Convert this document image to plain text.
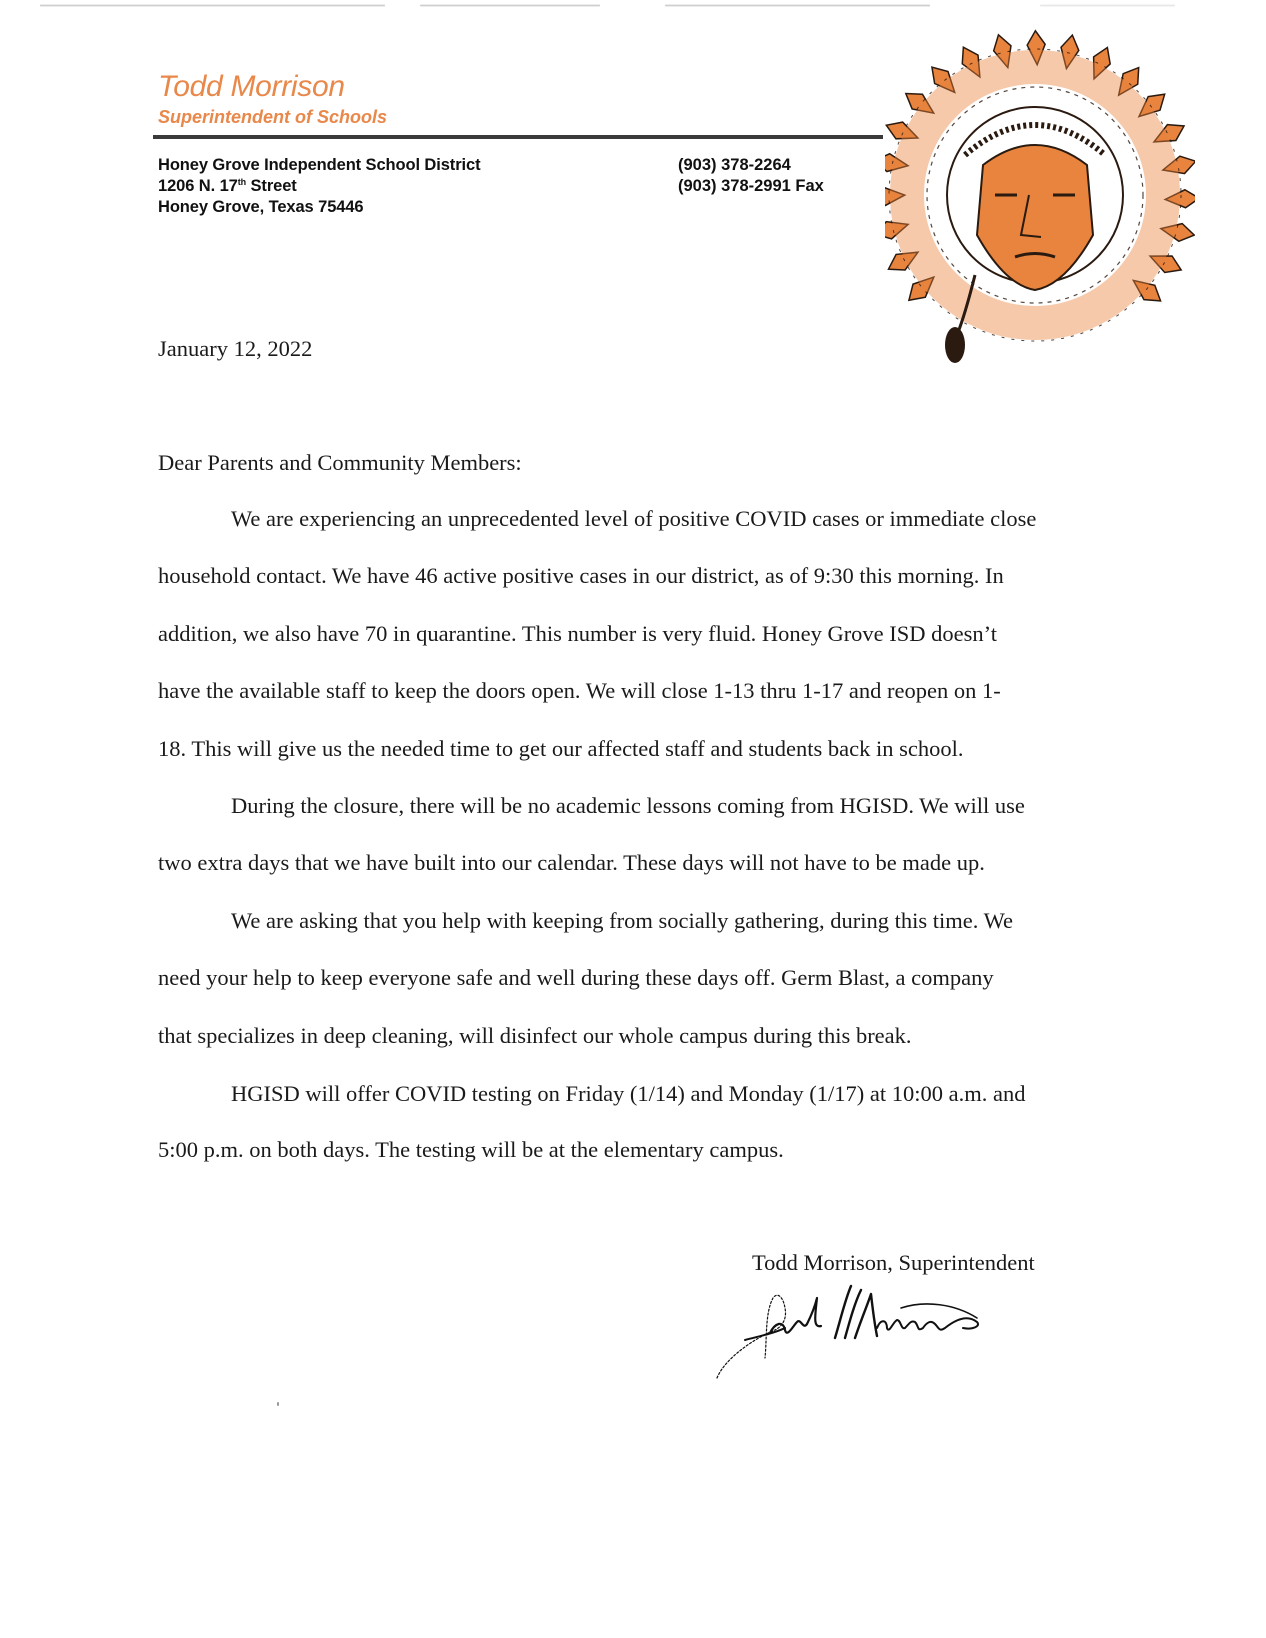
Todd Morrison
Superintendent of Schools
Honey Grove Independent School District
1206 N. 17th Street
Honey Grove, Texas 75446
(903) 378-2264
(903) 378-2991 Fax
January 12, 2022
Dear Parents and Community Members:
We are experiencing an unprecedented level of positive COVID cases or immediate close
household contact. We have 46 active positive cases in our district, as of 9:30 this morning. In
addition, we also have 70 in quarantine. This number is very fluid. Honey Grove ISD doesn’t
have the available staff to keep the doors open. We will close 1-13 thru 1-17 and reopen on 1-
18. This will give us the needed time to get our affected staff and students back in school.
During the closure, there will be no academic lessons coming from HGISD. We will use
two extra days that we have built into our calendar. These days will not have to be made up.
We are asking that you help with keeping from socially gathering, during this time. We
need your help to keep everyone safe and well during these days off. Germ Blast, a company
that specializes in deep cleaning, will disinfect our whole campus during this break.
HGISD will offer COVID testing on Friday (1/14) and Monday (1/17) at 10:00 a.m. and
5:00 p.m. on both days. The testing will be at the elementary campus.
Todd Morrison, Superintendent
